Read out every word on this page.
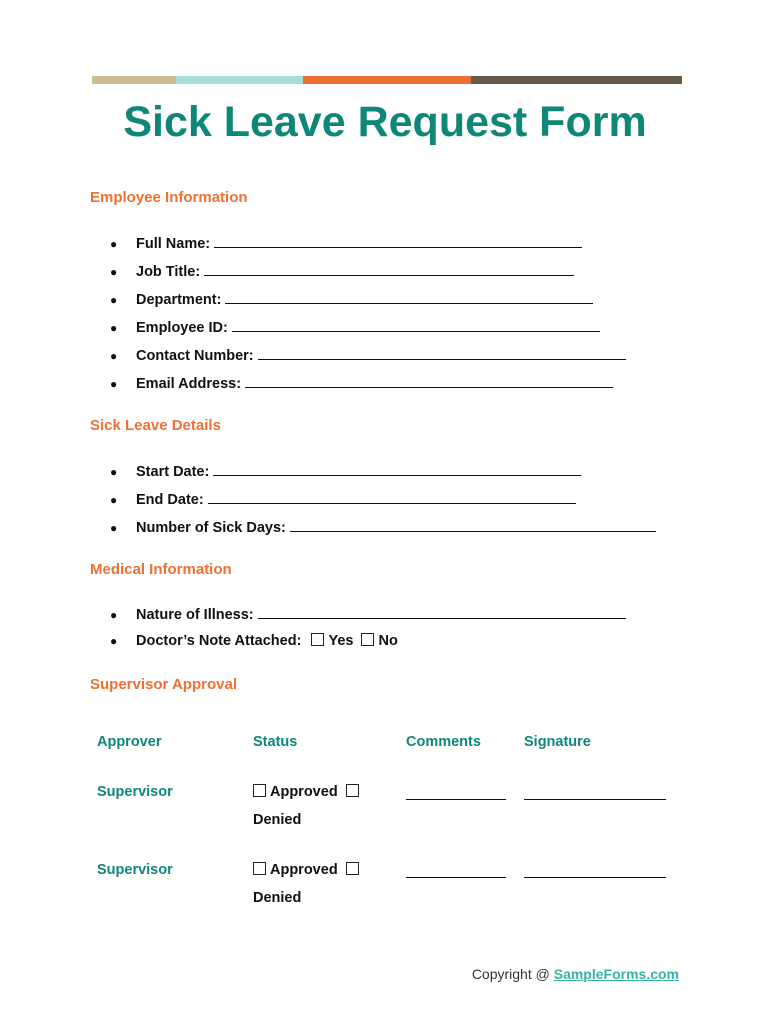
Sick Leave Request Form
Employee Information
● Full Name:
● Job Title:
● Department:
● Employee ID:
● Contact Number:
● Email Address:
Sick Leave Details
● Start Date:
● End Date:
● Number of Sick Days:
Medical Information
● Nature of Illness:
● Doctor’s Note Attached: Yes No
Supervisor Approval
Approver	Status	Comments	Signature
Supervisor	Approved
Denied
Supervisor	Approved
Denied
Copyright @ SampleForms.com
